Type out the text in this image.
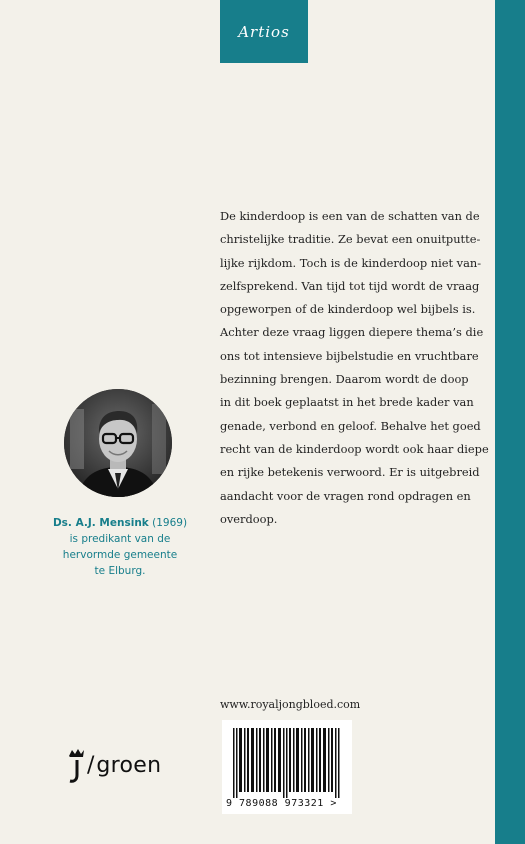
Artios
De kinderdoop is een van de schatten van de
christelijke traditie. Ze bevat een onuitputte-
lijke rijkdom. Toch is de kinderdoop niet van-
zelfsprekend. Van tijd tot tijd wordt de vraag
opgeworpen of de kinderdoop wel bijbels is.
Achter deze vraag liggen diepere thema’s die
ons tot intensieve bijbelstudie en vruchtbare
bezinning brengen. Daarom wordt de doop
in dit boek geplaatst in het brede kader van
genade, verbond en geloof. Behalve het goed
recht van de kinderdoop wordt ook haar diepe
en rijke betekenis verwoord. Er is uitgebreid
aandacht voor de vragen rond opdragen en
overdoop.
Ds. A.J. Mensink (1969)
is predikant van de
hervormde gemeente
te Elburg.
www.royaljongbloed.com
9 789088 973321 >
/ groen
